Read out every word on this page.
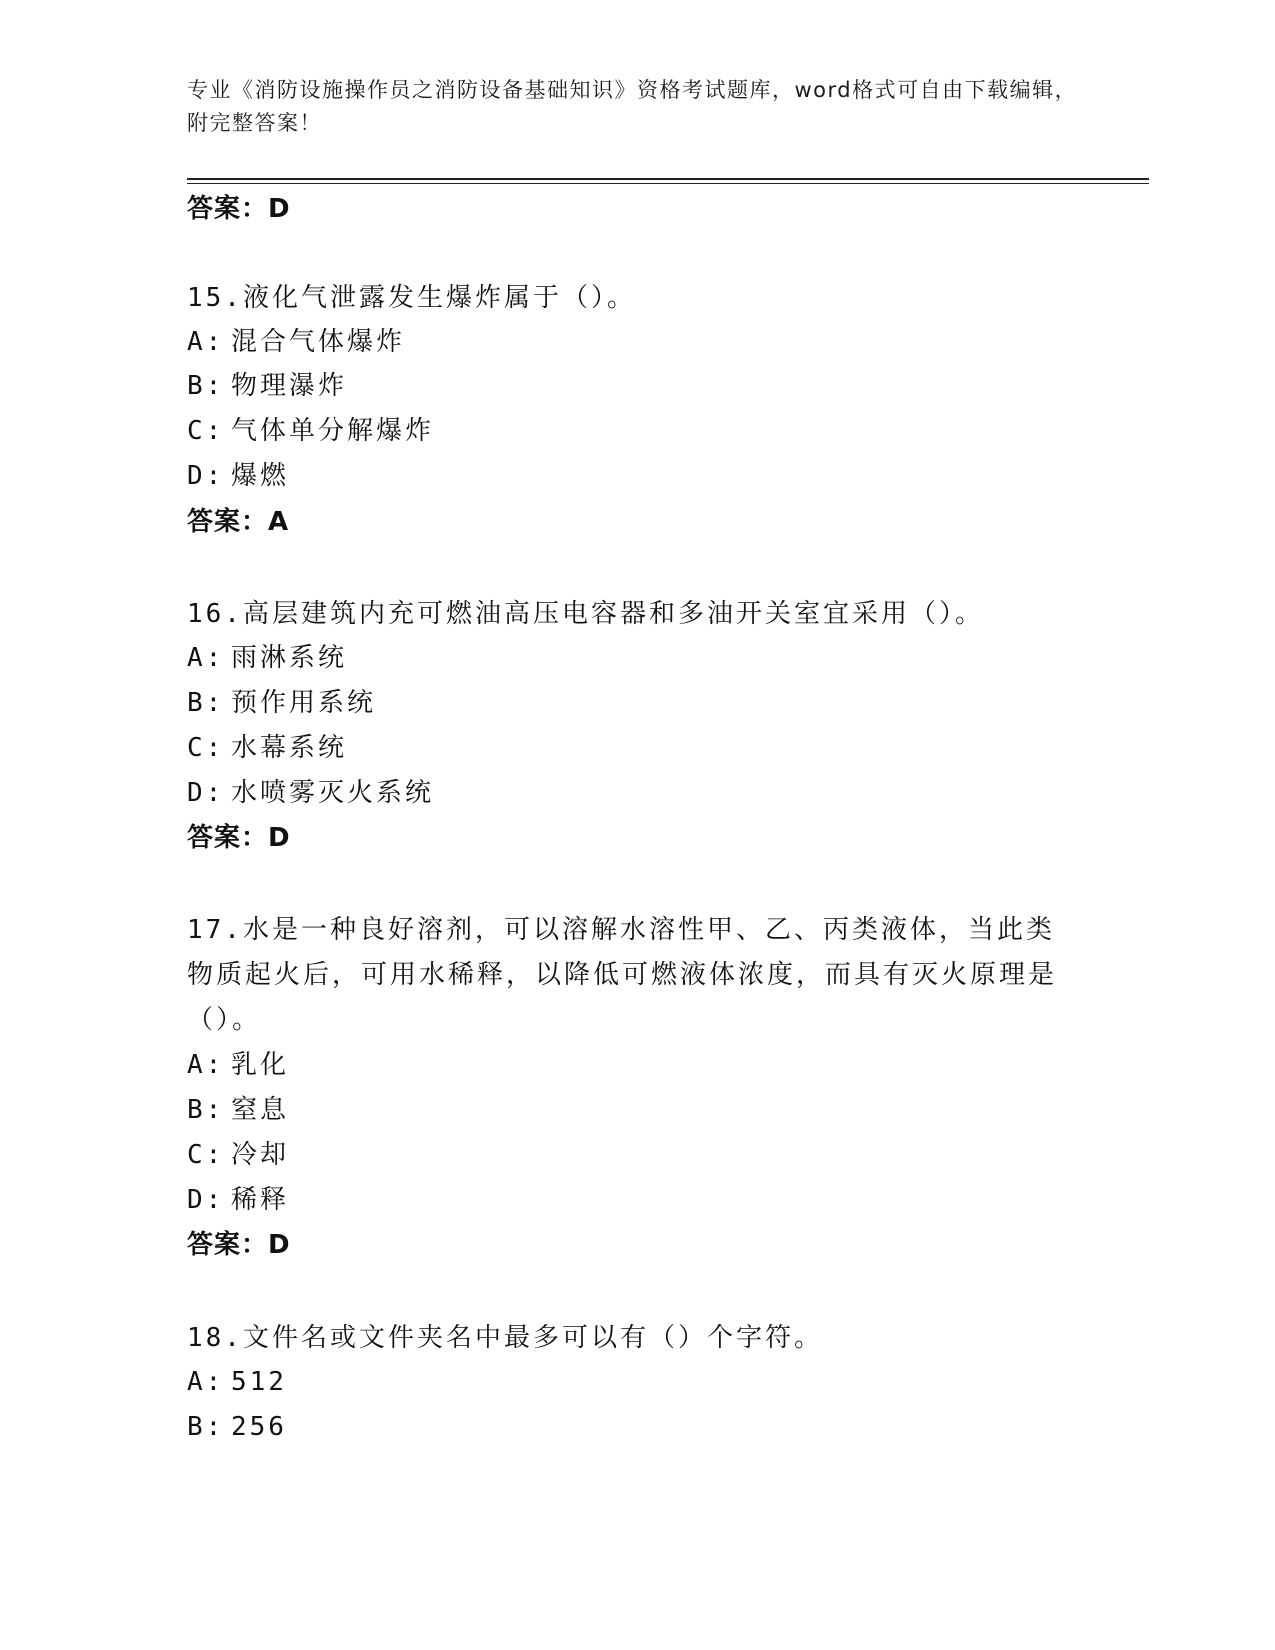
专业《消防设施操作员之消防设备基础知识》资格考试题库，word格式可自由下载编辑，附完整答案！
答案：D
15.液化气泄露发生爆炸属于（）。
A: 混合气体爆炸
B: 物理瀑炸
C: 气体单分解爆炸
D: 爆燃
答案：A
16.高层建筑内充可燃油高压电容器和多油开关室宜采用（）。
A: 雨淋系统
B: 预作用系统
C: 水幕系统
D: 水喷雾灭火系统
答案：D
17.水是一种良好溶剂，可以溶解水溶性甲、乙、丙类液体，当此类物质起火后，可用水稀释，以降低可燃液体浓度，而具有灭火原理是（）。
A: 乳化
B: 窒息
C: 冷却
D: 稀释
答案：D
18.文件名或文件夹名中最多可以有（）个字符。
A: 512
B: 256
